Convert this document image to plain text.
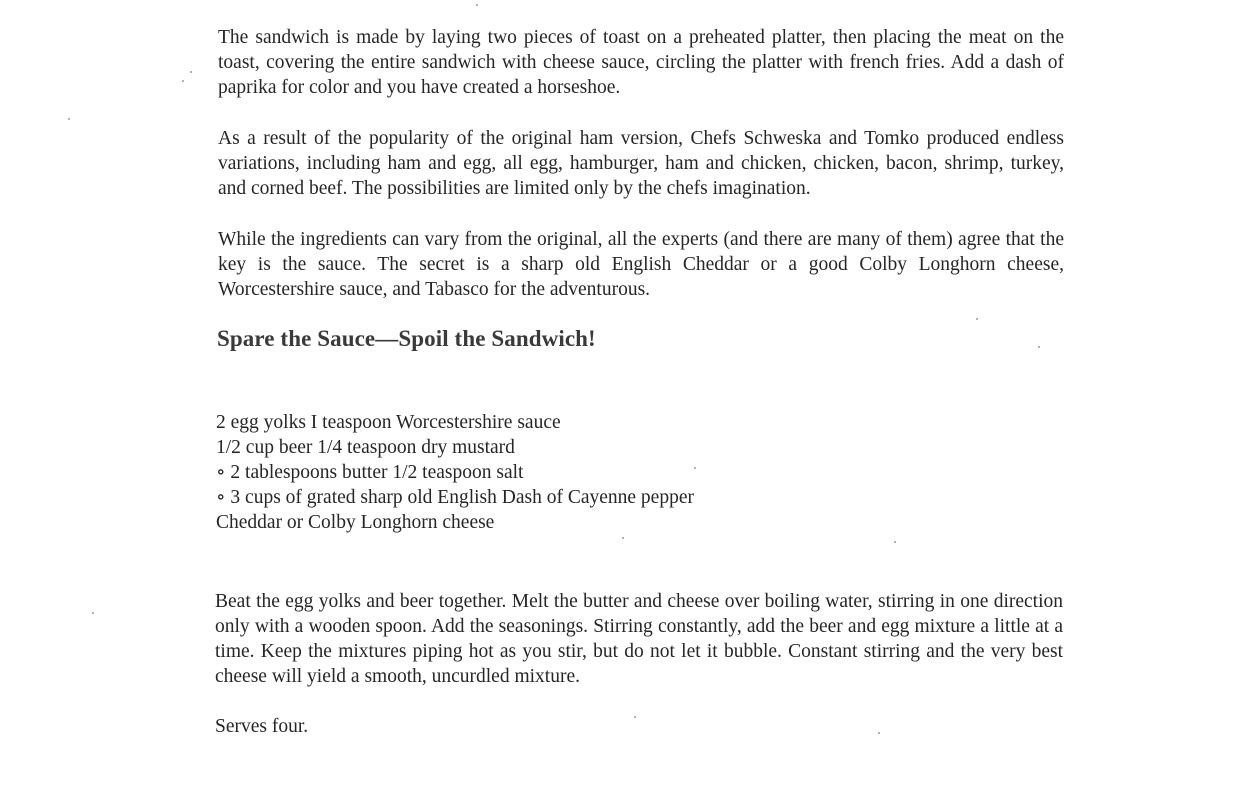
The sandwich is made by laying two pieces of toast on a preheated platter, then placing the meat on the toast, covering the entire sandwich with cheese sauce, circling the platter with french fries. Add a dash of paprika for color and you have created a horseshoe.

As a result of the popularity of the original ham version, Chefs Schweska and Tomko produced endless variations, including ham and egg, all egg, hamburger, ham and chicken, chicken, bacon, shrimp, turkey, and corned beef. The possibilities are limited only by the chefs imagination.

While the ingredients can vary from the original, all the experts (and there are many of them) agree that the key is the sauce. The secret is a sharp old English Cheddar or a good Colby Longhorn cheese, Worcestershire sauce, and Tabasco for the adventurous.

Spare the Sauce—Spoil the Sandwich!
2 egg yolks I teaspoon Worcestershire sauce
1/2 cup beer 1/4 teaspoon dry mustard
∘ 2 tablespoons butter 1/2 teaspoon salt
∘ 3 cups of grated sharp old English Dash of Cayenne pepper
Cheddar or Colby Longhorn cheese

Beat the egg yolks and beer together. Melt the butter and cheese over boiling water, stirring in one direction only with a wooden spoon. Add the seasonings. Stirring constantly, add the beer and egg mixture a little at a time. Keep the mixtures piping hot as you stir, but do not let it bubble. Constant stirring and the very best cheese will yield a smooth, uncurdled mixture.

Serves four.
